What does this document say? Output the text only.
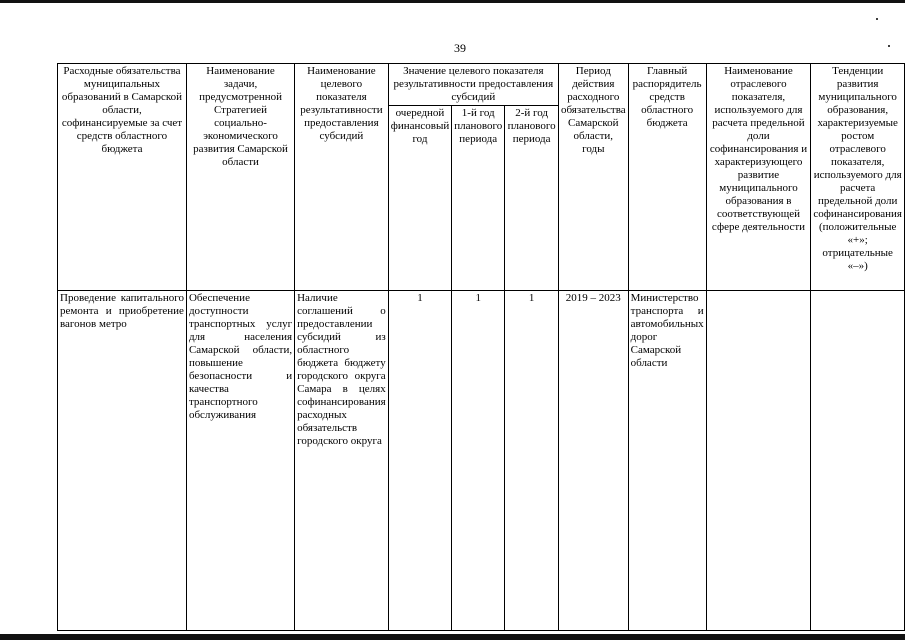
39
Расходные обязательства муниципальных образований в Самарской области, софинансируемые за счет средств областного бюджета	Наименование задачи, предусмотренной Стратегией социально-экономического развития Самарской области	Наименование целевого показателя результативности предоставления субсидий	Значение целевого показателя результативности предоставления субсидий			Период действия расходного обязательства Самарской области, годы	Главный распорядитель средств областного бюджета	Наименование отраслевого показателя, используемого для расчета предельной доли софинансирования и характеризующего развитие муниципального образования в соответствующей сфере деятельности	Тенденции развития муниципального образования, характеризуемые ростом отраслевого показателя, используемого для расчета предельной доли софинансирования (положительные «+»; отрицательные «–»)
			очередной финансовый год	1-й год планового периода	2-й год планового периода				
Проведение капитального ремонта и приобретение вагонов метро	Обеспечение доступности транспортных услуг для населения Самарской области, повышение безопасности и качества транспортного обслуживания	Наличие соглашений о предоставлении субсидий из областного бюджета бюджету городского округа Самара в целях софинансирования расходных обязательств городского округа	1	1	1	2019 – 2023	Министерство транспорта и автомобильных дорог Самарской области		
